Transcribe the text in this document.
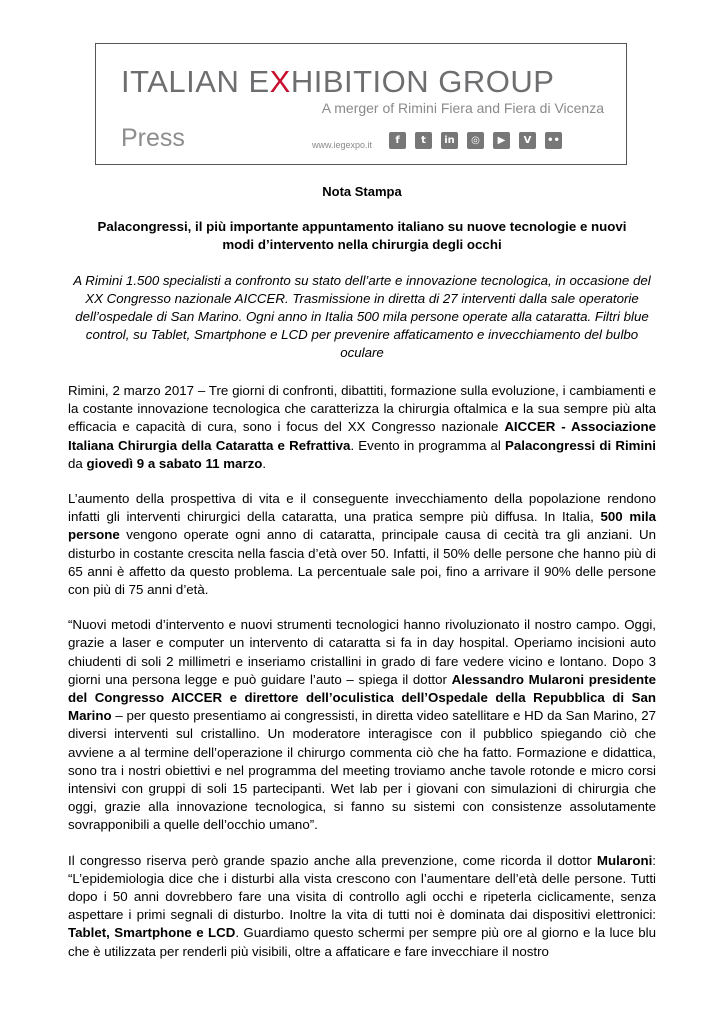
ITALIAN EXHIBITION GROUP
A merger of Rimini Fiera and Fiera di Vicenza
Press	www.iegexpo.it	f	t	in	◎	▶	V	••
Nota Stampa
Palacongressi, il più importante appuntamento italiano su nuove tecnologie e nuovi modi d’intervento nella chirurgia degli occhi
A Rimini 1.500 specialisti a confronto su stato dell’arte e innovazione tecnologica, in occasione del XX Congresso nazionale AICCER. Trasmissione in diretta di 27 interventi dalla sale operatorie dell’ospedale di San Marino. Ogni anno in Italia 500 mila persone operate alla cataratta. Filtri blue control, su Tablet, Smartphone e LCD per prevenire affaticamento e invecchiamento del bulbo oculare

Rimini, 2 marzo 2017 – Tre giorni di confronti, dibattiti, formazione sulla evoluzione, i cambiamenti e la costante innovazione tecnologica che caratterizza la chirurgia oftalmica e la sua sempre più alta efficacia e capacità di cura, sono i focus del XX Congresso nazionale AICCER - Associazione Italiana Chirurgia della Cataratta e Refrattiva. Evento in programma al Palacongressi di Rimini da giovedì 9 a sabato 11 marzo.

L’aumento della prospettiva di vita e il conseguente invecchiamento della popolazione rendono infatti gli interventi chirurgici della cataratta, una pratica sempre più diffusa. In Italia, 500 mila persone vengono operate ogni anno di cataratta, principale causa di cecità tra gli anziani. Un disturbo in costante crescita nella fascia d’età over 50. Infatti, il 50% delle persone che hanno più di 65 anni è affetto da questo problema. La percentuale sale poi, fino a arrivare il 90% delle persone con più di 75 anni d’età.

“Nuovi metodi d’intervento e nuovi strumenti tecnologici hanno rivoluzionato il nostro campo. Oggi, grazie a laser e computer un intervento di cataratta si fa in day hospital. Operiamo incisioni auto chiudenti di soli 2 millimetri e inseriamo cristallini in grado di fare vedere vicino e lontano. Dopo 3 giorni una persona legge e può guidare l’auto – spiega il dottor Alessandro Mularoni presidente del Congresso AICCER e direttore dell’oculistica dell’Ospedale della Repubblica di San Marino – per questo presentiamo ai congressisti, in diretta video satellitare e HD da San Marino, 27 diversi interventi sul cristallino. Un moderatore interagisce con il pubblico spiegando ciò che avviene a al termine dell’operazione il chirurgo commenta ciò che ha fatto. Formazione e didattica, sono tra i nostri obiettivi e nel programma del meeting troviamo anche tavole rotonde e micro corsi intensivi con gruppi di soli 15 partecipanti. Wet lab per i giovani con simulazioni di chirurgia che oggi, grazie alla innovazione tecnologica, si fanno su sistemi con consistenze assolutamente sovrapponibili a quelle dell’occhio umano”.

Il congresso riserva però grande spazio anche alla prevenzione, come ricorda il dottor Mularoni: “L’epidemiologia dice che i disturbi alla vista crescono con l’aumentare dell’età delle persone. Tutti dopo i 50 anni dovrebbero fare una visita di controllo agli occhi e ripeterla ciclicamente, senza aspettare i primi segnali di disturbo. Inoltre la vita di tutti noi è dominata dai dispositivi elettronici: Tablet, Smartphone e LCD. Guardiamo questo schermi per sempre più ore al giorno e la luce blu che è utilizzata per renderli più visibili, oltre a affaticare e fare invecchiare il nostro
